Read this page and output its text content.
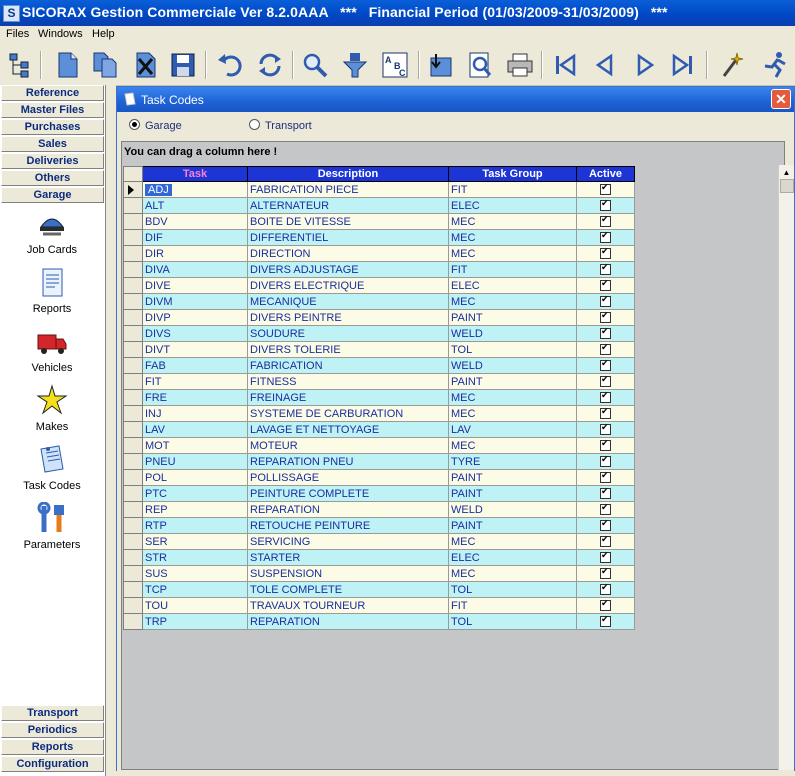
S SICORAX Gestion Commerciale Ver 8.2.0AAA   ***   Financial Period (01/03/2009-31/03/2009)   ***
Files Windows Help
A
B
C
Reference
Master Files
Purchases
Sales
Deliveries
Others
Garage
Job Cards
Reports
Vehicles
Makes
Task Codes
Parameters
Transport
Periodics
Reports
Configuration
Task Codes	✕
Garage	Transport
You can drag a column here !
	Task	Description	Task Group	Active

	ADJ	FABRICATION PIECE	FIT	✔
	ALT	ALTERNATEUR	ELEC	✔
	BDV	BOITE DE VITESSE	MEC	✔
	DIF	DIFFERENTIEL	MEC	✔
	DIR	DIRECTION	MEC	✔
	DIVA	DIVERS ADJUSTAGE	FIT	✔
	DIVE	DIVERS ELECTRIQUE	ELEC	✔
	DIVM	MECANIQUE	MEC	✔
	DIVP	DIVERS PEINTRE	PAINT	✔
	DIVS	SOUDURE	WELD	✔
	DIVT	DIVERS TOLERIE	TOL	✔
	FAB	FABRICATION	WELD	✔
	FIT	FITNESS	PAINT	✔
	FRE	FREINAGE	MEC	✔
	INJ	SYSTEME DE CARBURATION	MEC	✔
	LAV	LAVAGE ET NETTOYAGE	LAV	✔
	MOT	MOTEUR	MEC	✔
	PNEU	REPARATION PNEU	TYRE	✔
	POL	POLLISSAGE	PAINT	✔
	PTC	PEINTURE COMPLETE	PAINT	✔
	REP	REPARATION	WELD	✔
	RTP	RETOUCHE PEINTURE	PAINT	✔
	SER	SERVICING	MEC	✔
	STR	STARTER	ELEC	✔
	SUS	SUSPENSION	MEC	✔
	TCP	TOLE COMPLETE	TOL	✔
	TOU	TRAVAUX TOURNEUR	FIT	✔
	TRP	REPARATION	TOL	✔
▲
